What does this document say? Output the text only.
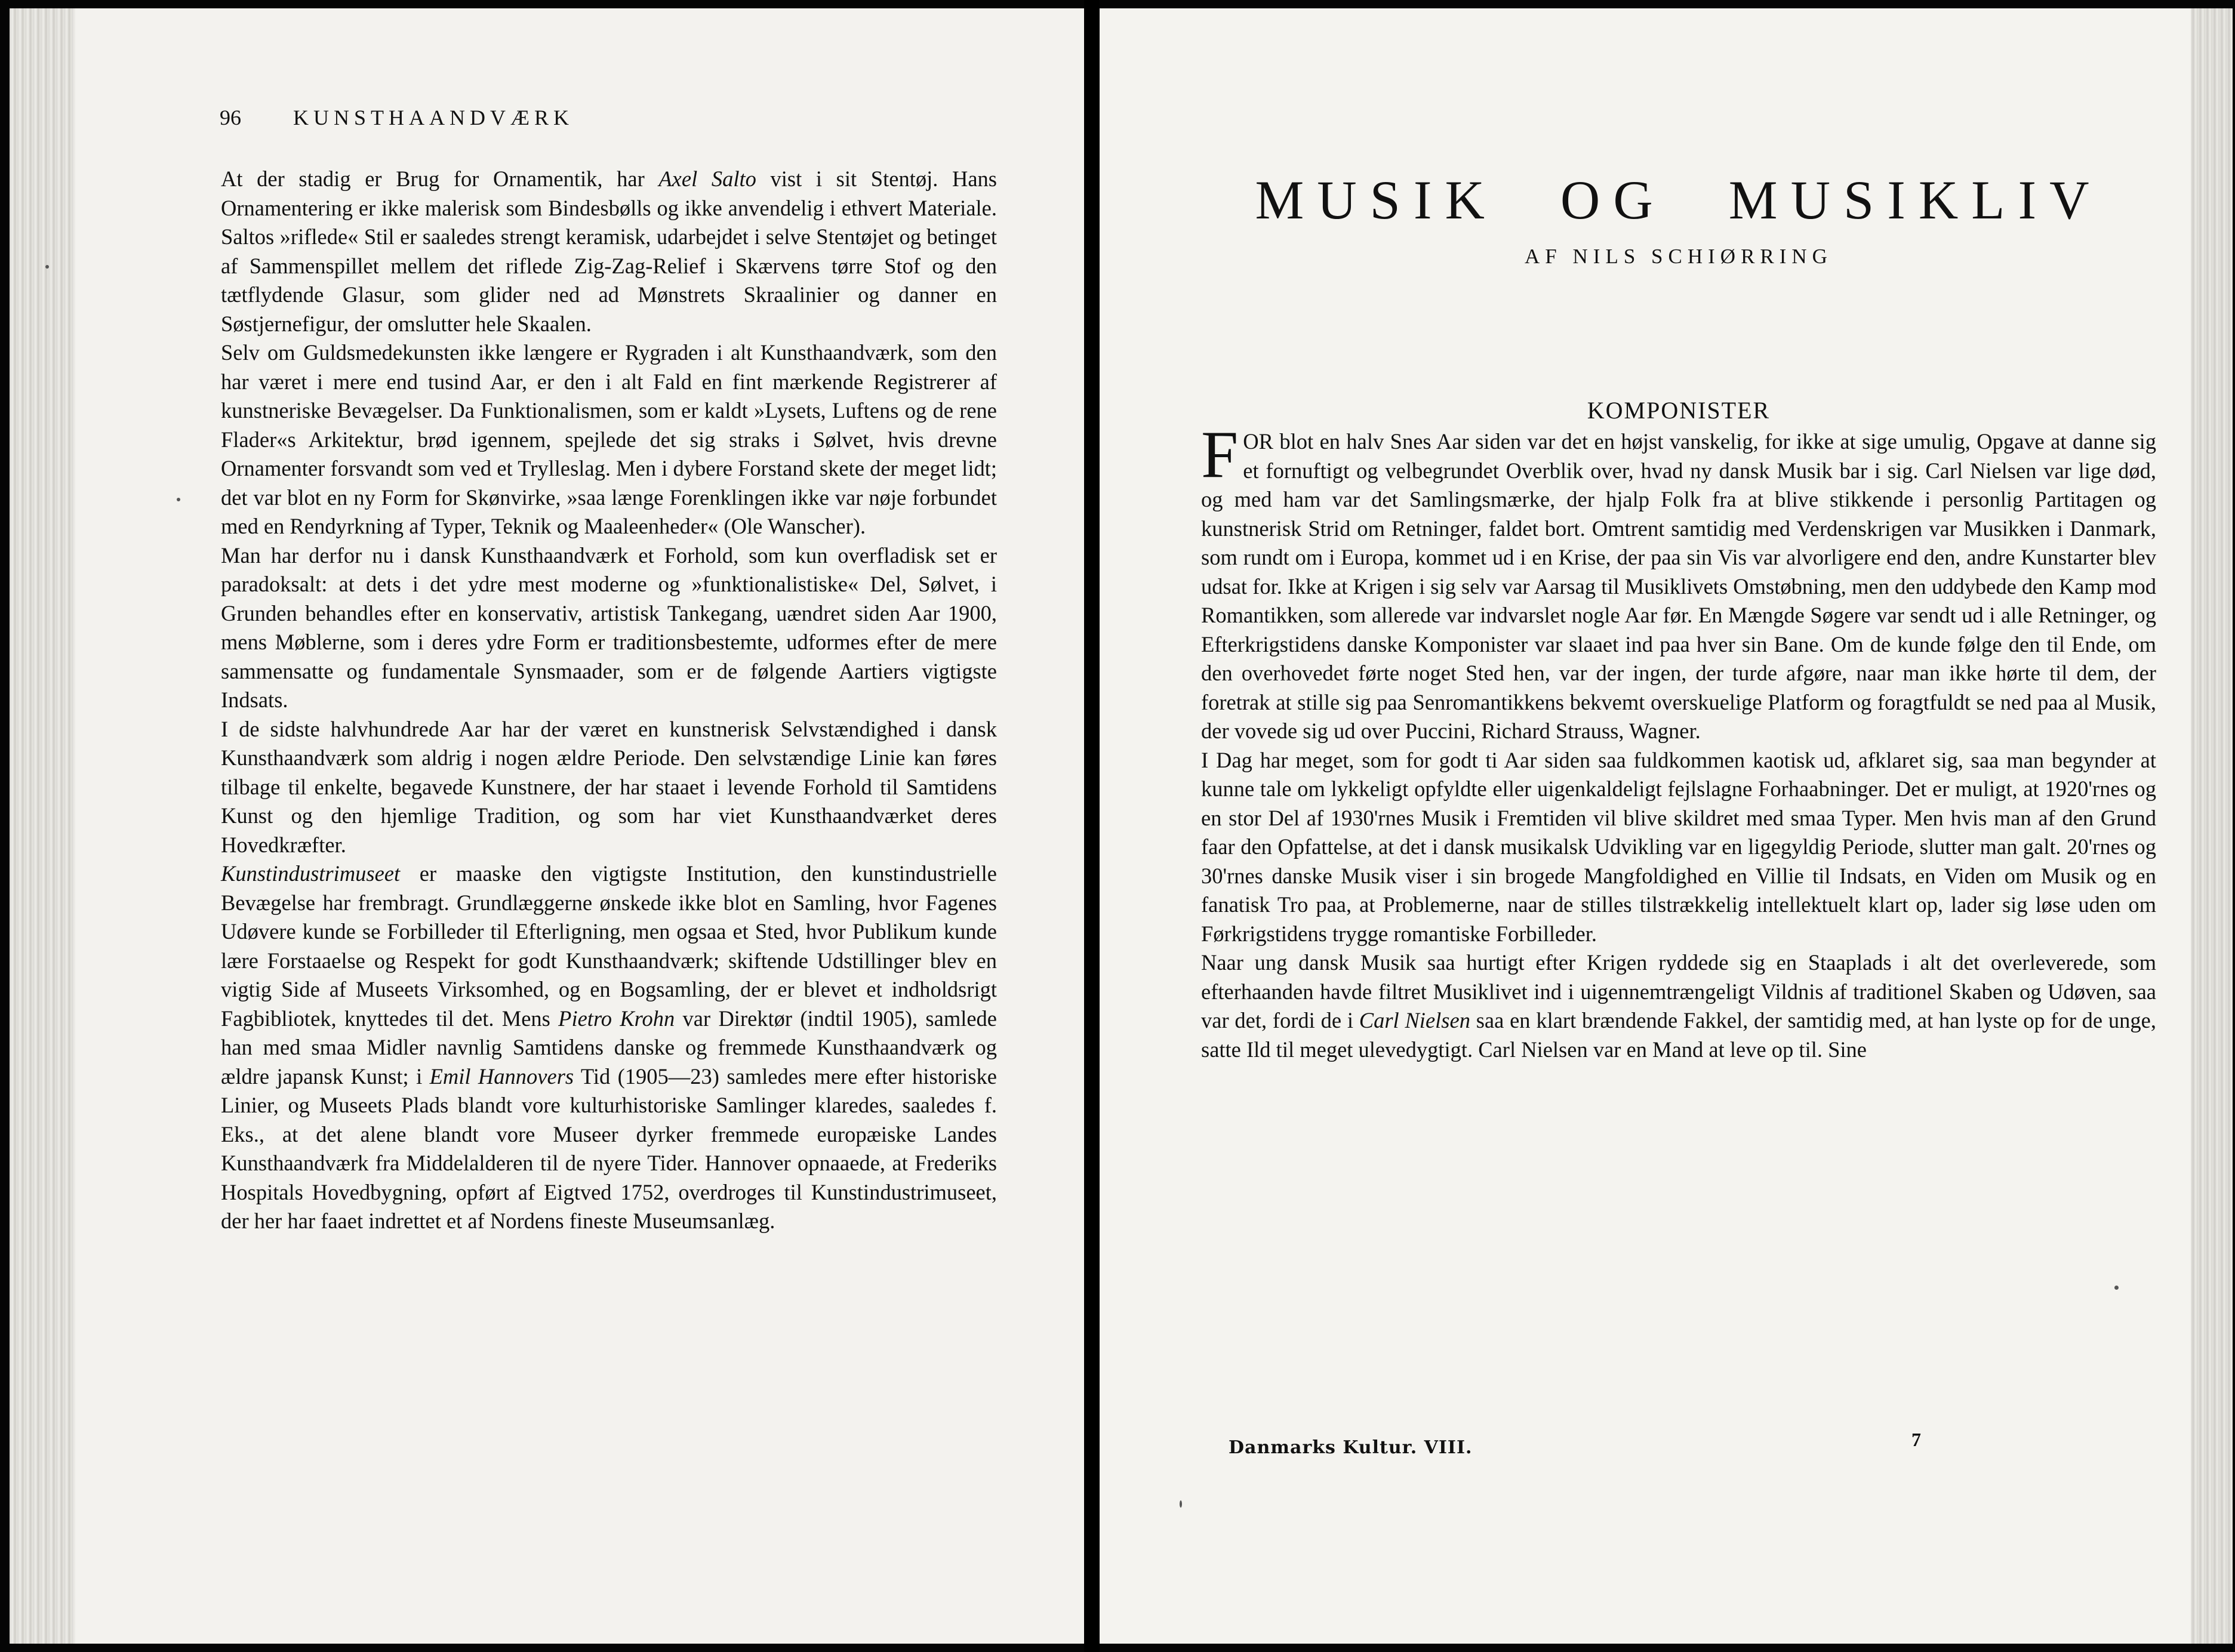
96 KUNSTHAANDVÆRK

At der stadig er Brug for Ornamentik, har Axel Salto vist i sit Stentøj. Hans Ornamentering er ikke malerisk som Bindesbølls og ikke anvendelig i ethvert Materiale. Saltos »riflede« Stil er saaledes strengt keramisk, udarbejdet i selve Stentøjet og betinget af Sammenspillet mellem det riflede Zig-Zag-Relief i Skærvens tørre Stof og den tætflydende Glasur, som glider ned ad Mønstrets Skraalinier og danner en Søstjernefigur, der omslutter hele Skaalen.

Selv om Guldsmedekunsten ikke længere er Rygraden i alt Kunsthaandværk, som den har været i mere end tusind Aar, er den i alt Fald en fint mærkende Registrerer af kunstneriske Bevægelser. Da Funktionalismen, som er kaldt »Lysets, Luftens og de rene Flader«s Arkitektur, brød igennem, spejlede det sig straks i Sølvet, hvis drevne Ornamenter forsvandt som ved et Trylleslag. Men i dybere Forstand skete der meget lidt; det var blot en ny Form for Skønvirke, »saa længe Forenklingen ikke var nøje forbundet med en Rendyrkning af Typer, Teknik og Maaleenheder« (Ole Wanscher).

Man har derfor nu i dansk Kunsthaandværk et Forhold, som kun overfladisk set er paradoksalt: at dets i det ydre mest moderne og »funktionalistiske« Del, Sølvet, i Grunden behandles efter en konservativ, artistisk Tankegang, uændret siden Aar 1900, mens Møblerne, som i deres ydre Form er traditionsbestemte, udformes efter de mere sammensatte og fundamentale Synsmaader, som er de følgende Aartiers vigtigste Indsats.

I de sidste halvhundrede Aar har der været en kunstnerisk Selvstændighed i dansk Kunsthaandværk som aldrig i nogen ældre Periode. Den selvstændige Linie kan føres tilbage til enkelte, begavede Kunstnere, der har staaet i levende Forhold til Samtidens Kunst og den hjemlige Tradition, og som har viet Kunsthaandværket deres Hovedkræfter.

Kunstindustrimuseet er maaske den vigtigste Institution, den kunstindustrielle Bevægelse har frembragt. Grundlæggerne ønskede ikke blot en Samling, hvor Fagenes Udøvere kunde se Forbilleder til Efterligning, men ogsaa et Sted, hvor Publikum kunde lære Forstaaelse og Respekt for godt Kunsthaandværk; skiftende Udstillinger blev en vigtig Side af Museets Virksomhed, og en Bogsamling, der er blevet et indholdsrigt Fagbibliotek, knyttedes til det. Mens Pietro Krohn var Direktør (indtil 1905), samlede han med smaa Midler navnlig Samtidens danske og fremmede Kunsthaandværk og ældre japansk Kunst; i Emil Hannovers Tid (1905—23) samledes mere efter historiske Linier, og Museets Plads blandt vore kulturhistoriske Samlinger klaredes, saaledes f. Eks., at det alene blandt vore Museer dyrker fremmede europæiske Landes Kunsthaandværk fra Middelalderen til de nyere Tider. Hannover opnaaede, at Frederiks Hospitals Hovedbygning, opført af Eigtved 1752, overdroges til Kunstindustrimuseet, der her har faaet indrettet et af Nordens fineste Museumsanlæg.

MUSIK OG MUSIKLIV
AF NILS SCHIØRRING
KOMPONISTER

FOR blot en halv Snes Aar siden var det en højst vanskelig, for ikke at sige umulig, Opgave at danne sig et fornuftigt og velbegrundet Overblik over, hvad ny dansk Musik bar i sig. Carl Nielsen var lige død, og med ham var det Samlingsmærke, der hjalp Folk fra at blive stikkende i personlig Partitagen og kunstnerisk Strid om Retninger, faldet bort. Omtrent samtidig med Verdenskrigen var Musikken i Danmark, som rundt om i Europa, kommet ud i en Krise, der paa sin Vis var alvorligere end den, andre Kunstarter blev udsat for. Ikke at Krigen i sig selv var Aarsag til Musiklivets Omstøbning, men den uddybede den Kamp mod Romantikken, som allerede var indvarslet nogle Aar før. En Mængde Søgere var sendt ud i alle Retninger, og Efterkrigstidens danske Komponister var slaaet ind paa hver sin Bane. Om de kunde følge den til Ende, om den overhovedet førte noget Sted hen, var der ingen, der turde afgøre, naar man ikke hørte til dem, der foretrak at stille sig paa Senromantikkens bekvemt overskuelige Platform og foragtfuldt se ned paa al Musik, der vovede sig ud over Puccini, Richard Strauss, Wagner.

I Dag har meget, som for godt ti Aar siden saa fuldkommen kaotisk ud, afklaret sig, saa man begynder at kunne tale om lykkeligt opfyldte eller uigenkaldeligt fejlslagne Forhaabninger. Det er muligt, at 1920'rnes og en stor Del af 1930'rnes Musik i Fremtiden vil blive skildret med smaa Typer. Men hvis man af den Grund faar den Opfattelse, at det i dansk musikalsk Udvikling var en ligegyldig Periode, slutter man galt. 20'rnes og 30'rnes danske Musik viser i sin brogede Mangfoldighed en Villie til Indsats, en Viden om Musik og en fanatisk Tro paa, at Problemerne, naar de stilles tilstrækkelig intellektuelt klart op, lader sig løse uden om Førkrigstidens trygge romantiske Forbilleder.

Naar ung dansk Musik saa hurtigt efter Krigen ryddede sig en Staaplads i alt det overleverede, som efterhaanden havde filtret Musiklivet ind i uigennemtrængeligt Vildnis af traditionel Skaben og Udøven, saa var det, fordi de i Carl Nielsen saa en klart brændende Fakkel, der samtidig med, at han lyste op for de unge, satte Ild til meget ulevedygtigt. Carl Nielsen var en Mand at leve op til. Sine

Danmarks Kultur. VIII.	7
